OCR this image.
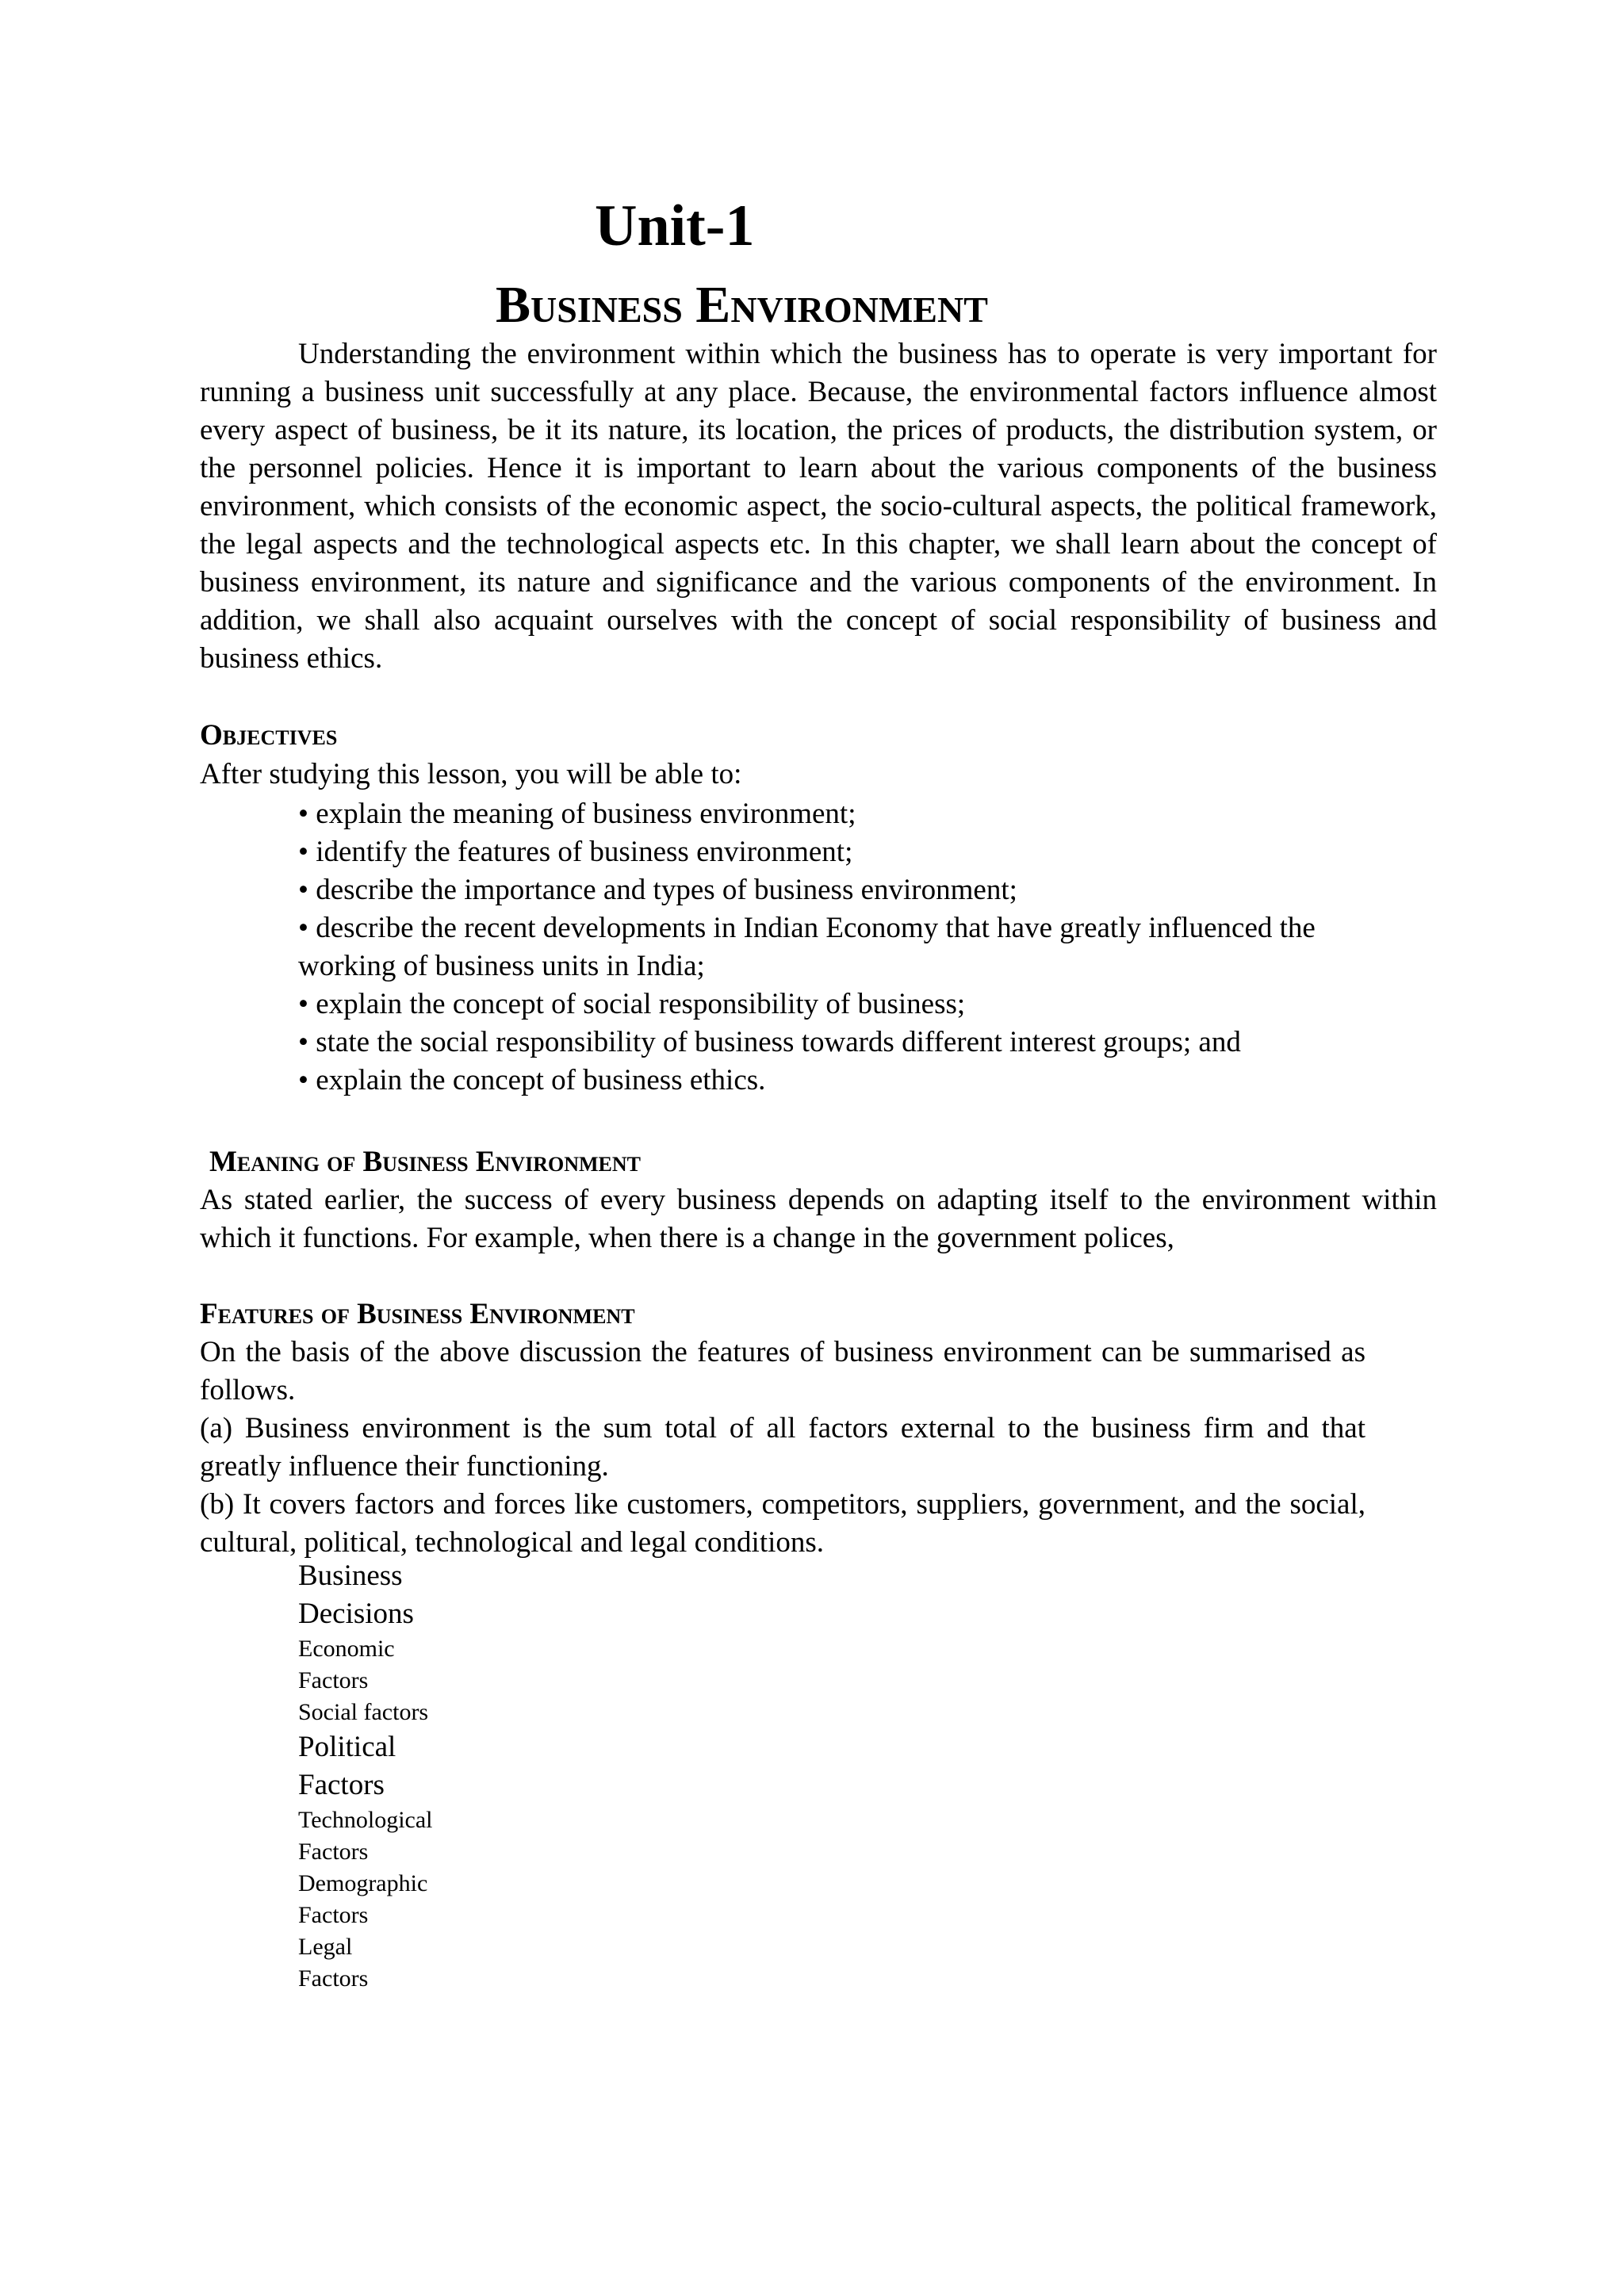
Unit-1
Business Environment

Understanding the environment within which the business has to operate is very important for running a business unit successfully at any place. Because, the environmental factors influence almost every aspect of business, be it its nature, its location, the prices of products, the distribution system, or the personnel policies. Hence it is important to learn about the various components of the business environment, which consists of the economic aspect, the socio-cultural aspects, the political framework, the legal aspects and the technological aspects etc. In this chapter, we shall learn about the concept of business environment, its nature and significance and the various components of the environment. In addition, we shall also acquaint ourselves with the concept of social responsibility of business and business ethics.

Objectives

After studying this lesson, you will be able to:

• explain the meaning of business environment;
• identify the features of business environment;
• describe the importance and types of business environment;
• describe the recent developments in Indian Economy that have greatly influenced the working of business units in India;
• explain the concept of social responsibility of business;
• state the social responsibility of business towards different interest groups; and
• explain the concept of business ethics.
Meaning of Business Environment

As stated earlier, the success of every business depends on adapting itself to the environment within which it functions. For example, when there is a change in the government polices,

Features of Business Environment

On the basis of the above discussion the features of business environment can be summarised as follows.

(a) Business environment is the sum total of all factors external to the business firm and that greatly influence their functioning.

(b) It covers factors and forces like customers, competitors, suppliers, government, and the social, cultural, political, technological and legal conditions.

Business
Decisions
Economic
Factors
Social factors
Political
Factors
Technological
Factors
Demographic
Factors
Legal
Factors
